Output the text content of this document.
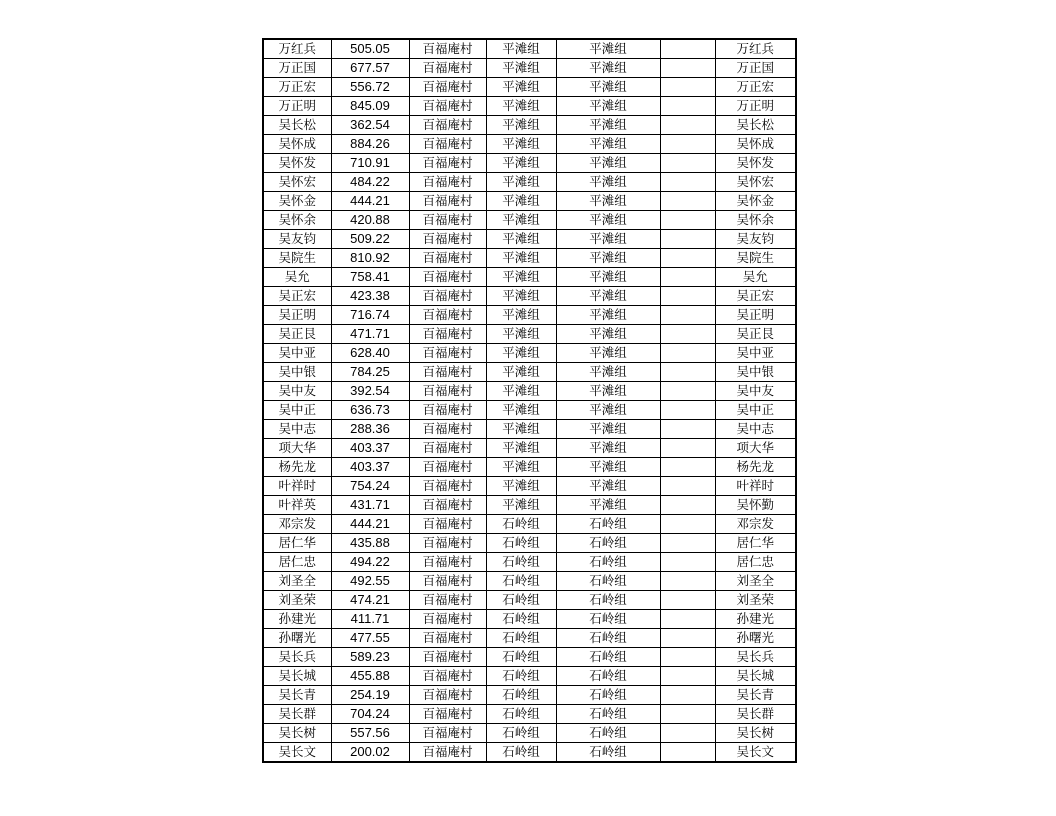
万红兵	505.05	百福庵村	平滩组	平滩组		万红兵
万正国	677.57	百福庵村	平滩组	平滩组		万正国
万正宏	556.72	百福庵村	平滩组	平滩组		万正宏
万正明	845.09	百福庵村	平滩组	平滩组		万正明
吴长松	362.54	百福庵村	平滩组	平滩组		吴长松
吴怀成	884.26	百福庵村	平滩组	平滩组		吴怀成
吴怀发	710.91	百福庵村	平滩组	平滩组		吴怀发
吴怀宏	484.22	百福庵村	平滩组	平滩组		吴怀宏
吴怀金	444.21	百福庵村	平滩组	平滩组		吴怀金
吴怀余	420.88	百福庵村	平滩组	平滩组		吴怀余
吴友钧	509.22	百福庵村	平滩组	平滩组		吴友钧
吴院生	810.92	百福庵村	平滩组	平滩组		吴院生
吴允	758.41	百福庵村	平滩组	平滩组		吴允
吴正宏	423.38	百福庵村	平滩组	平滩组		吴正宏
吴正明	716.74	百福庵村	平滩组	平滩组		吴正明
吴正艮	471.71	百福庵村	平滩组	平滩组		吴正艮
吴中亚	628.40	百福庵村	平滩组	平滩组		吴中亚
吴中银	784.25	百福庵村	平滩组	平滩组		吴中银
吴中友	392.54	百福庵村	平滩组	平滩组		吴中友
吴中正	636.73	百福庵村	平滩组	平滩组		吴中正
吴中志	288.36	百福庵村	平滩组	平滩组		吴中志
项大华	403.37	百福庵村	平滩组	平滩组		项大华
杨先龙	403.37	百福庵村	平滩组	平滩组		杨先龙
叶祥时	754.24	百福庵村	平滩组	平滩组		叶祥时
叶祥英	431.71	百福庵村	平滩组	平滩组		吴怀勤
邓宗发	444.21	百福庵村	石岭组	石岭组		邓宗发
居仁华	435.88	百福庵村	石岭组	石岭组		居仁华
居仁忠	494.22	百福庵村	石岭组	石岭组		居仁忠
刘圣全	492.55	百福庵村	石岭组	石岭组		刘圣全
刘圣荣	474.21	百福庵村	石岭组	石岭组		刘圣荣
孙建光	411.71	百福庵村	石岭组	石岭组		孙建光
孙曙光	477.55	百福庵村	石岭组	石岭组		孙曙光
吴长兵	589.23	百福庵村	石岭组	石岭组		吴长兵
吴长城	455.88	百福庵村	石岭组	石岭组		吴长城
吴长青	254.19	百福庵村	石岭组	石岭组		吴长青
吴长群	704.24	百福庵村	石岭组	石岭组		吴长群
吴长树	557.56	百福庵村	石岭组	石岭组		吴长树
吴长文	200.02	百福庵村	石岭组	石岭组		吴长文
